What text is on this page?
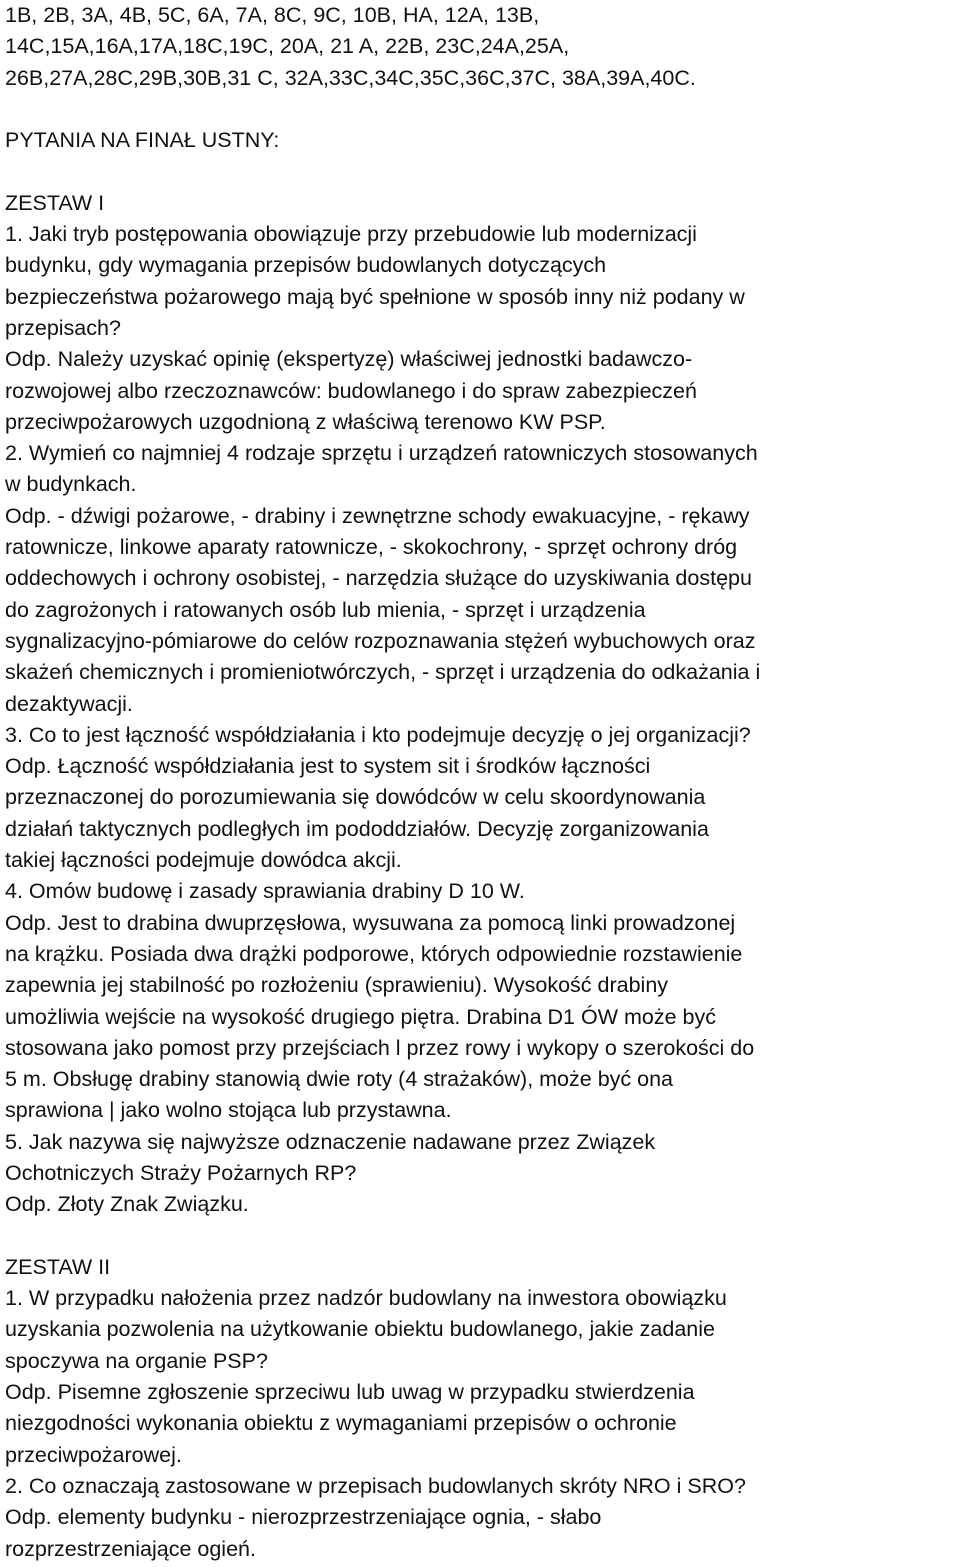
1B, 2B, 3A, 4B, 5C, 6A, 7A, 8C, 9C, 10B, HA, 12A, 13B,
14C,15A,16A,17A,18C,19C, 20A, 21 A, 22B, 23C,24A,25A,
26B,27A,28C,29B,30B,31 C, 32A,33C,34C,35C,36C,37C, 38A,39A,40C.
PYTANIA NA FINAŁ USTNY:
ZESTAW I
1. Jaki tryb postępowania obowiązuje przy przebudowie lub modernizacji
budynku, gdy wymagania przepisów budowlanych dotyczących
bezpieczeństwa pożarowego mają być spełnione w sposób inny niż podany w
przepisach?
Odp. Należy uzyskać opinię (ekspertyzę) właściwej jednostki badawczo-
rozwojowej albo rzeczoznawców: budowlanego i do spraw zabezpieczeń
przeciwpożarowych uzgodnioną z właściwą terenowo KW PSP.
2. Wymień co najmniej 4 rodzaje sprzętu i urządzeń ratowniczych stosowanych
w budynkach.
Odp. - dźwigi pożarowe, - drabiny i zewnętrzne schody ewakuacyjne, - rękawy
ratownicze, linkowe aparaty ratownicze, - skokochrony, - sprzęt ochrony dróg
oddechowych i ochrony osobistej, - narzędzia służące do uzyskiwania dostępu
do zagrożonych i ratowanych osób lub mienia, - sprzęt i urządzenia
sygnalizacyjno-pómiarowe do celów rozpoznawania stężeń wybuchowych oraz
skażeń chemicznych i promieniotwórczych, - sprzęt i urządzenia do odkażania i
dezaktywacji.
3. Co to jest łączność współdziałania i kto podejmuje decyzję o jej organizacji?
Odp. Łączność współdziałania jest to system sit i środków łączności
przeznaczonej do porozumiewania się dowódców w celu skoordynowania
działań taktycznych podległych im pododdziałów. Decyzję zorganizowania
takiej łączności podejmuje dowódca akcji.
4. Omów budowę i zasady sprawiania drabiny D 10 W.
Odp. Jest to drabina dwuprzęsłowa, wysuwana za pomocą linki prowadzonej
na krążku. Posiada dwa drążki podporowe, których odpowiednie rozstawienie
zapewnia jej stabilność po rozłożeniu (sprawieniu). Wysokość drabiny
umożliwia wejście na wysokość drugiego piętra. Drabina D1 ÓW może być
stosowana jako pomost przy przejściach l przez rowy i wykopy o szerokości do
5 m. Obsługę drabiny stanowią dwie roty (4 strażaków), może być ona
sprawiona | jako wolno stojąca lub przystawna.
5. Jak nazywa się najwyższe odznaczenie nadawane przez Związek
Ochotniczych Straży Pożarnych RP?
Odp. Złoty Znak Związku.
ZESTAW II
1. W przypadku nałożenia przez nadzór budowlany na inwestora obowiązku
uzyskania pozwolenia na użytkowanie obiektu budowlanego, jakie zadanie
spoczywa na organie PSP?
Odp. Pisemne zgłoszenie sprzeciwu lub uwag w przypadku stwierdzenia
niezgodności wykonania obiektu z wymaganiami przepisów o ochronie
przeciwpożarowej.
2. Co oznaczają zastosowane w przepisach budowlanych skróty NRO i SRO?
Odp. elementy budynku - nierozprzestrzeniające ognia, - słabo
rozprzestrzeniające ogień.
